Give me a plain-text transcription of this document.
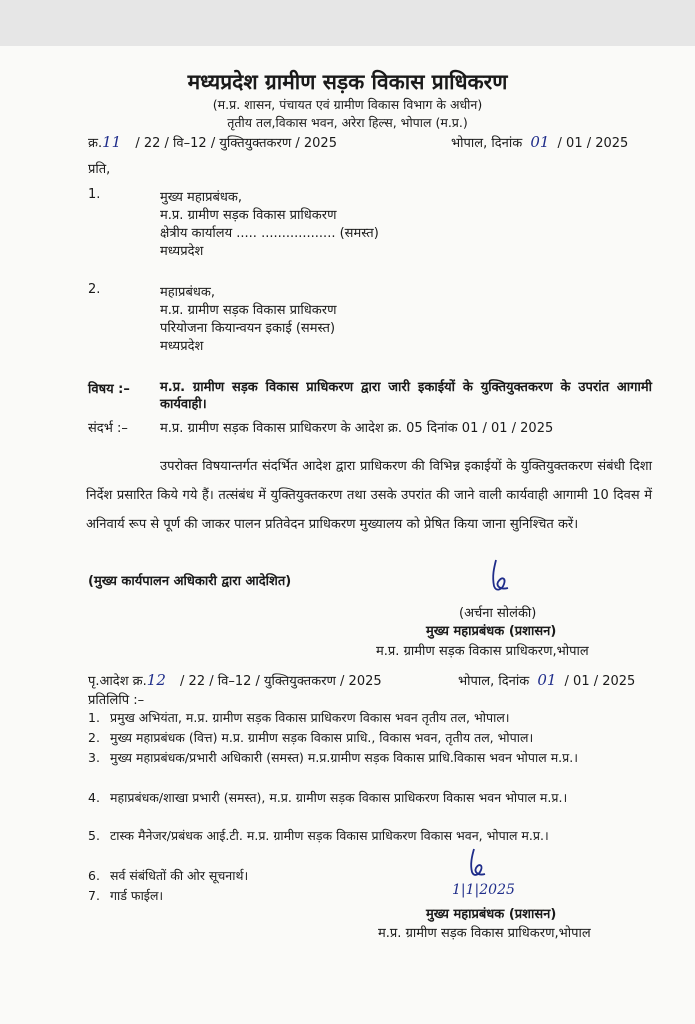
मध्यप्रदेश ग्रामीण सड़क विकास प्राधिकरण
(म.प्र. शासन, पंचायत एवं ग्रामीण विकास विभाग के अधीन)
तृतीय तल,विकास भवन, अरेरा हिल्स, भोपाल (म.प्र.)
क्र.11 / 22 / वि–12 / युक्तियुक्तकरण / 2025	भोपाल, दिनांक 01 / 01 / 2025
प्रति,
1.	मुख्य महाप्रबंधक,
म.प्र. ग्रामीण सड़क विकास प्राधिकरण
क्षेत्रीय कार्यालय ..... .................. (समस्त)
मध्यप्रदेश
2.	महाप्रबंधक,
म.प्र. ग्रामीण सड़क विकास प्राधिकरण
परियोजना कियान्वयन इकाई (समस्त)
मध्यप्रदेश
विषय :– म.प्र. ग्रामीण सड़क विकास प्राधिकरण द्वारा जारी इकाईयों के युक्तियुक्तकरण के उपरांत आगामी कार्यवाही।
संदर्भ :– म.प्र. ग्रामीण सड़क विकास प्राधिकरण के आदेश क्र. 05 दिनांक 01 / 01 / 2025
उपरोक्त विषयान्तर्गत संदर्भित आदेश द्वारा प्राधिकरण की विभिन्न इकाईयों के युक्तियुक्तकरण संबंधी दिशा निर्देश प्रसारित किये गये हैं। तत्संबंध में युक्तियुक्तकरण तथा उसके उपरांत की जाने वाली कार्यवाही आगामी 10 दिवस में अनिवार्य रूप से पूर्ण की जाकर पालन प्रतिवेदन प्राधिकरण मुख्यालय को प्रेषित किया जाना सुनिश्चित करें।
(मुख्य कार्यपालन अधिकारी द्वारा आदेशित)
(अर्चना सोलंकी)
मुख्य महाप्रबंधक (प्रशासन)
म.प्र. ग्रामीण सड़क विकास प्राधिकरण,भोपाल
पृ.आदेश क्र.12 / 22 / वि–12 / युक्तियुक्तकरण / 2025	भोपाल, दिनांक 01 / 01 / 2025
प्रतिलिपि :–
1. प्रमुख अभियंता, म.प्र. ग्रामीण सड़क विकास प्राधिकरण विकास भवन तृतीय तल, भोपाल।
2. मुख्य महाप्रबंधक (वित्त) म.प्र. ग्रामीण सड़क विकास प्राधि., विकास भवन, तृतीय तल, भोपाल।
3. मुख्य महाप्रबंधक/प्रभारी अधिकारी (समस्त) म.प्र.ग्रामीण सड़क विकास प्राधि.विकास भवन भोपाल म.प्र.।
4. महाप्रबंधक/शाखा प्रभारी (समस्त), म.प्र. ग्रामीण सड़क विकास प्राधिकरण विकास भवन भोपाल म.प्र.।
5. टास्क मैनेजर/प्रबंधक आई.टी. म.प्र. ग्रामीण सड़क विकास प्राधिकरण विकास भवन, भोपाल म.प्र.।
6. सर्व संबंधितों की ओर सूचनार्थ।
7. गार्ड फाईल।	1|1|2025
मुख्य महाप्रबंधक (प्रशासन)
म.प्र. ग्रामीण सड़क विकास प्राधिकरण,भोपाल
